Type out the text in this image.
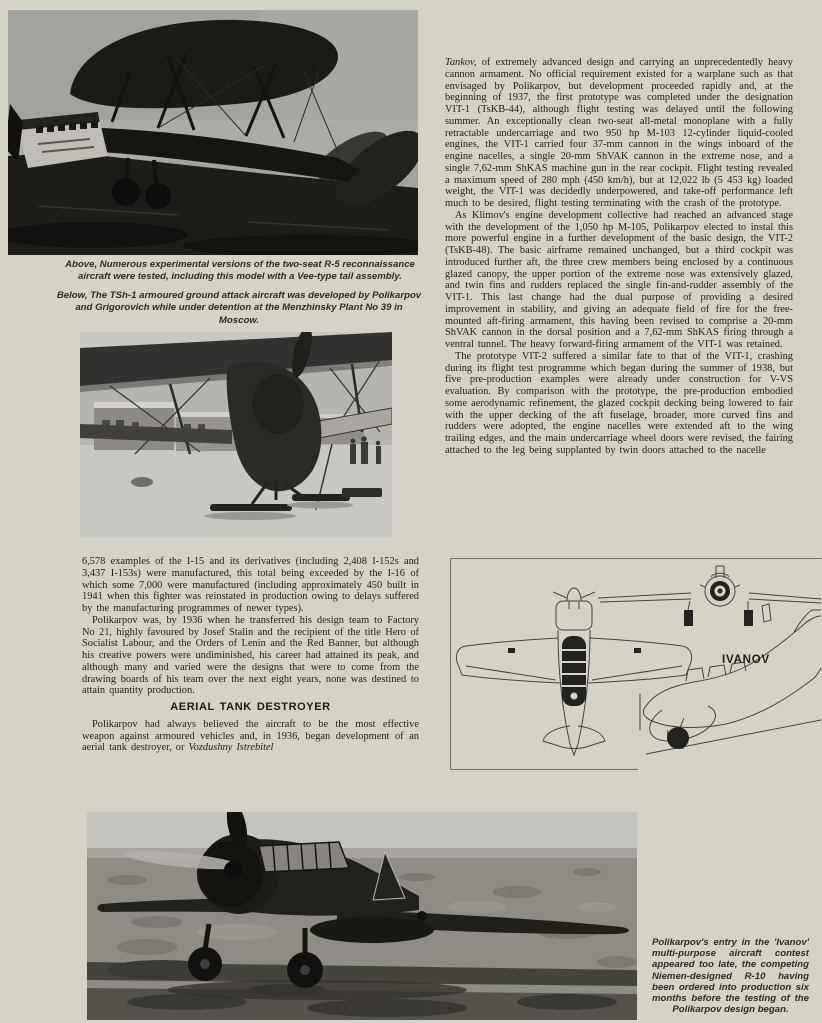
Above, Numerous experimental versions of the two-seat R-5 reconnaissance aircraft were tested, including this model with a Vee-type tail assembly.
Below, The TSh-1 armoured ground attack aircraft was developed by Polikarpov and Grigorovich while under detention at the Menzhinsky Plant No 39 in Moscow.

6,578 examples of the I-15 and its derivatives (including 2,408 I-152s and 3,437 I-153s) were manufactured, this total being exceeded by the I-16 of which some 7,000 were manufactured (including approximately 450 built in 1941 when this fighter was reinstated in production owing to delays suffered by the manufacturing programmes of newer types).

Polikarpov was, by 1936 when he transferred his design team to Factory No 21, highly favoured by Josef Stalin and the recipient of the title Hero of Socialist Labour, and the Orders of Lenin and the Red Banner, but although his creative powers were undiminished, his career had attained its peak, and although many and varied were the designs that were to come from the drawing boards of his team over the next eight years, none was destined to attain quantity production.

AERIAL TANK DESTROYER

Polikarpov had always believed the aircraft to be the most effective weapon against armoured vehicles and, in 1936, began development of an aerial tank destroyer, or Vozdushny Istrebitel

Tankov, of extremely advanced design and carrying an unprecedentedly heavy cannon armament. No official requirement existed for a warplane such as that envisaged by Polikarpov, but development proceeded rapidly and, at the beginning of 1937, the first prototype was completed under the designation VIT-1 (TsKB-44), although flight testing was delayed until the following summer. An exceptionally clean two-seat all-metal monoplane with a fully retractable undercarriage and two 950 hp M-103 12-cylinder liquid-cooled engines, the VIT-1 carried four 37-mm cannon in the wings inboard of the engine nacelles, a single 20-mm ShVAK cannon in the extreme nose, and a single 7,62-mm ShKAS machine gun in the rear cockpit. Flight testing revealed a maximum speed of 280 mph (450 km/h), but at 12,022 lb (5 453 kg) loaded weight, the VIT-1 was decidedly underpowered, and take-off performance left much to be desired, flight testing terminating with the crash of the prototype.

As Klimov's engine development collective had reached an advanced stage with the development of the 1,050 hp M-105, Polikarpov elected to instal this more powerful engine in a further development of the basic design, the VIT-2 (TsKB-48). The basic airframe remained unchanged, but a third cockpit was introduced further aft, the three crew members being enclosed by a continuous glazed canopy, the upper portion of the extreme nose was extensively glazed, and twin fins and rudders replaced the single fin-and-rudder assembly of the VIT-1. This last change had the dual purpose of providing a desired improvement in stability, and giving an adequate field of fire for the free-mounted aft-firing armament, this having been revised to comprise a 20-mm ShVAK cannon in the dorsal position and a 7,62-mm ShKAS firing through a ventral tunnel. The heavy forward-firing armament of the VIT-1 was retained.

The prototype VIT-2 suffered a similar fate to that of the VIT-1, crashing during its flight test programme which began during the summer of 1938, but five pre-production examples were already under construction for V-VS evaluation. By comparison with the prototype, the pre-production embodied some aerodynamic refinement, the glazed cockpit decking being lowered to fair with the upper decking of the aft fuselage, broader, more curved fins and rudders were adopted, the engine nacelles were extended aft to the wing trailing edges, and the main undercarriage wheel doors were revised, the fairing attached to the leg being supplanted by twin doors attached to the nacelle

IVANOV
Polikarpov's entry in the 'Ivanov' multi-purpose aircraft contest appeared too late, the competing Niemen-designed R-10 having been ordered into production six months before the testing of the Polikarpov design began.
